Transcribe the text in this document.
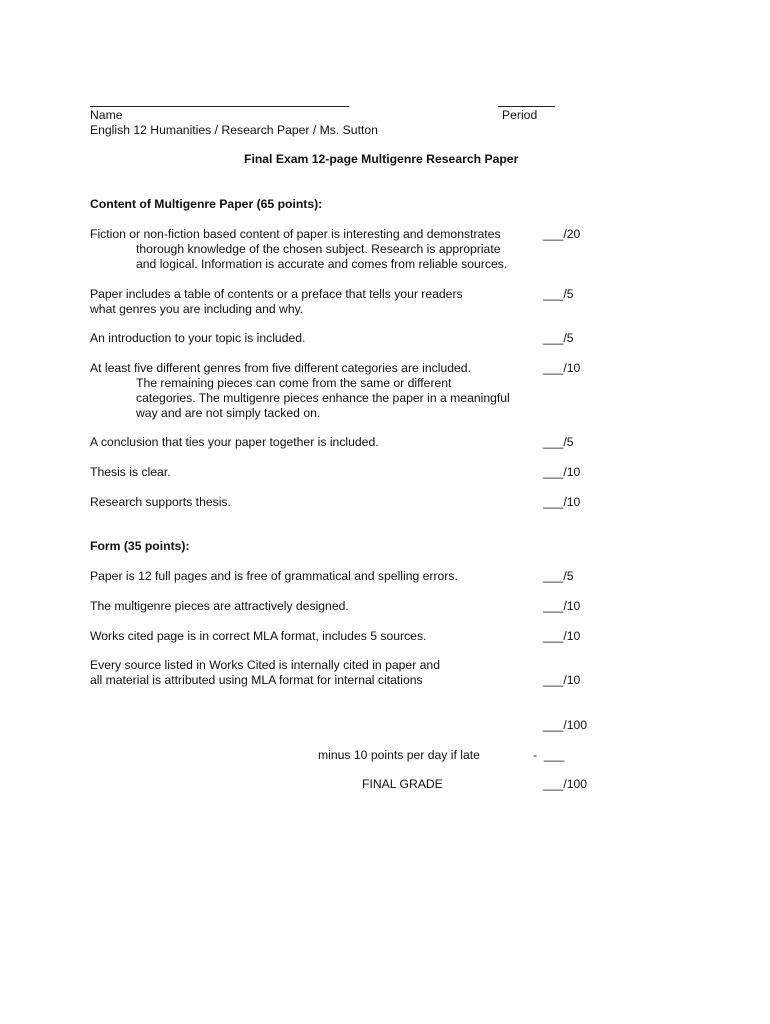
Name	Period
English 12 Humanities / Research Paper / Ms. Sutton
Final Exam 12-page Multigenre Research Paper
Content of Multigenre Paper (65 points):
Fiction or non-fiction based content of paper is interesting and demonstrates
thorough knowledge of the chosen subject. Research is appropriate
and logical. Information is accurate and comes from reliable sources.
___/20
Paper includes a table of contents or a preface that tells your readers
what genres you are including and why.
___/5
An introduction to your topic is included.	___/5
At least five different genres from five different categories are included.
The remaining pieces can come from the same or different
categories. The multigenre pieces enhance the paper in a meaningful
way and are not simply tacked on.
___/10
A conclusion that ties your paper together is included.	___/5
Thesis is clear.	___/10
Research supports thesis.	___/10
Form (35 points):
Paper is 12 full pages and is free of grammatical and spelling errors.	___/5
The multigenre pieces are attractively designed.	___/10
Works cited page is in correct MLA format, includes 5 sources.	___/10
Every source listed in Works Cited is internally cited in paper and
all material is attributed using MLA format for internal citations	___/10
___/100
minus 10 points per day if late	-  ___
FINAL GRADE	___/100
